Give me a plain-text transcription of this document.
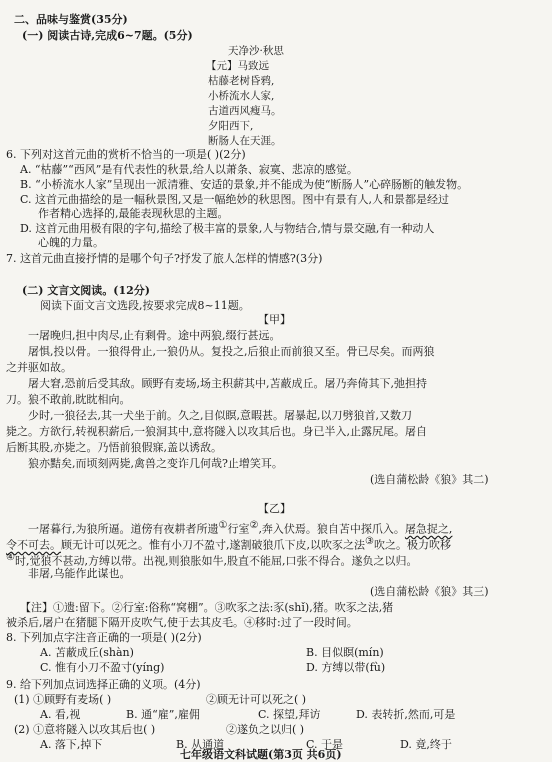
二、品味与鉴赏(35分)
(一) 阅读古诗,完成6~7题。(5分)
天净沙·秋思
【元】马致远
枯藤老树昏鸦,
小桥流水人家,
古道西风瘦马。
夕阳西下,
断肠人在天涯。
6. 下列对这首元曲的赏析不恰当的一项是( )(2分)
A. “枯藤”“西风”是有代表性的秋景,给人以萧条、寂寞、悲凉的感觉。
B. “小桥流水人家”呈现出一派清雅、安适的景象,并不能成为使“断肠人”心碎肠断的触发物。
C. 这首元曲描绘的是一幅秋景图,又是一幅绝妙的秋思图。图中有景有人,人和景都是经过
作者精心选择的,最能表现秋思的主题。
D. 这首元曲用极有限的字句,描绘了极丰富的景象,人与物结合,情与景交融,有一种动人
心魄的力量。
7. 这首元曲直接抒情的是哪个句子?抒发了旅人怎样的情感?(3分)
(二) 文言文阅读。(12分)
阅读下面文言文选段,按要求完成8~11题。
【甲】
一屠晚归,担中肉尽,止有剩骨。途中两狼,缀行甚远。
屠惧,投以骨。一狼得骨止,一狼仍从。复投之,后狼止而前狼又至。骨已尽矣。而两狼
之并驱如故。
屠大窘,恐前后受其敌。顾野有麦场,场主积薪其中,苫蔽成丘。屠乃奔倚其下,弛担持
刀。狼不敢前,眈眈相向。
少时,一狼径去,其一犬坐于前。久之,目似瞑,意暇甚。屠暴起,以刀劈狼首,又数刀
毙之。方欲行,转视积薪后,一狼洞其中,意将隧入以攻其后也。身已半入,止露尻尾。屠自
后断其股,亦毙之。乃悟前狼假寐,盖以诱敌。
狼亦黠矣,而顷刻两毙,禽兽之变诈几何哉?止增笑耳。
(选自蒲松龄《狼》其二)
【乙】
一屠暮行,为狼所逼。道傍有夜耕者所遗①行室②,奔入伏焉。狼自苫中探爪入。屠急捉之,
令不可去。顾无计可以死之。惟有小刀不盈寸,遂割破狼爪下皮,以吹豕之法③吹之。极力吹移
④时,觉狼不甚动,方缚以带。出视,则狼胀如牛,股直不能屈,口张不得合。遂负之以归。
非屠,乌能作此谋也。
(选自蒲松龄《狼》其三)
【注】①遗:留下。②行室:俗称“窝棚”。③吹豕之法:豕(shǐ),猪。吹豕之法,猪
被杀后,屠户在猪腿下隔开皮吹气,使于去其皮毛。④移时:过了一段时间。
8. 下列加点字注音正确的一项是( )(2分)
A. 苫蔽成丘(shàn)	B. 目似瞑(mín)
C. 惟有小刀不盈寸(yíng)	D. 方缚以带(fù)
9. 给下列加点词选择正确的义项。(4分)
(1) ①顾野有麦场( )	②顾无计可以死之( )
A. 看,视	B. 通“雇”,雇佣	C. 探望,拜访	D. 表转折,然而,可是
(2) ①意将隧入以攻其后也( )	②遂负之以归( )
A. 落下,掉下	B. 从通道	C. 于是	D. 竟,终于
七年级语文科试题(第3页 共6页)
